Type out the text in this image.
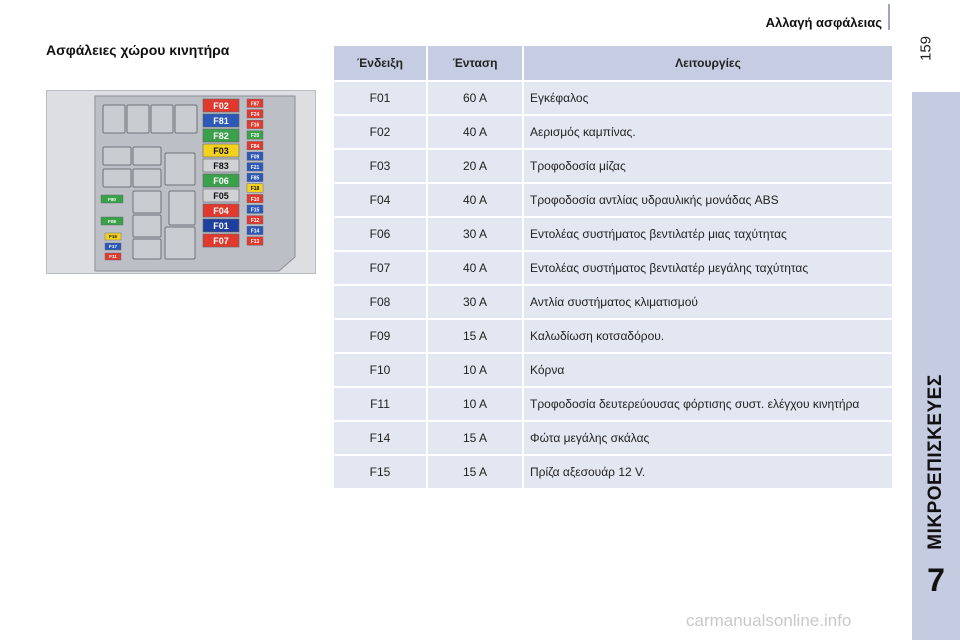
Αλλαγή ασφάλειας
159
ΜΙΚΡΟΕΠΙΣΚΕΥΕΣ
7
Ασφάλειες χώρου κινητήρα
F02
F81
F82
F03
F83
F06
F05
F04
F01
F07
F87
F24
F16
F20
F84
F09
F21
F85
F18
F10
F15
F12
F14
F13
F80
F08
F19
F17
F11
Ένδειξη	Ένταση	Λειτουργίες
F01	60 A	Εγκέφαλος
F02	40 A	Αερισμός καμπίνας.
F03	20 A	Τροφοδοσία μίζας
F04	40 A	Τροφοδοσία αντλίας υδραυλικής μονάδας ABS
F06	30 A	Εντολέας συστήματος βεντιλατέρ μιας ταχύτητας
F07	40 A	Εντολέας συστήματος βεντιλατέρ μεγάλης ταχύτητας
F08	30 A	Αντλία συστήματος κλιματισμού
F09	15 A	Καλωδίωση κοτσαδόρου.
F10	10 A	Κόρνα
F11	10 A	Τροφοδοσία δευτερεύουσας φόρτισης συστ. ελέγχου κινητήρα
F14	15 A	Φώτα μεγάλης σκάλας
F15	15 A	Πρίζα αξεσουάρ 12 V.
carmanualsonline.info
